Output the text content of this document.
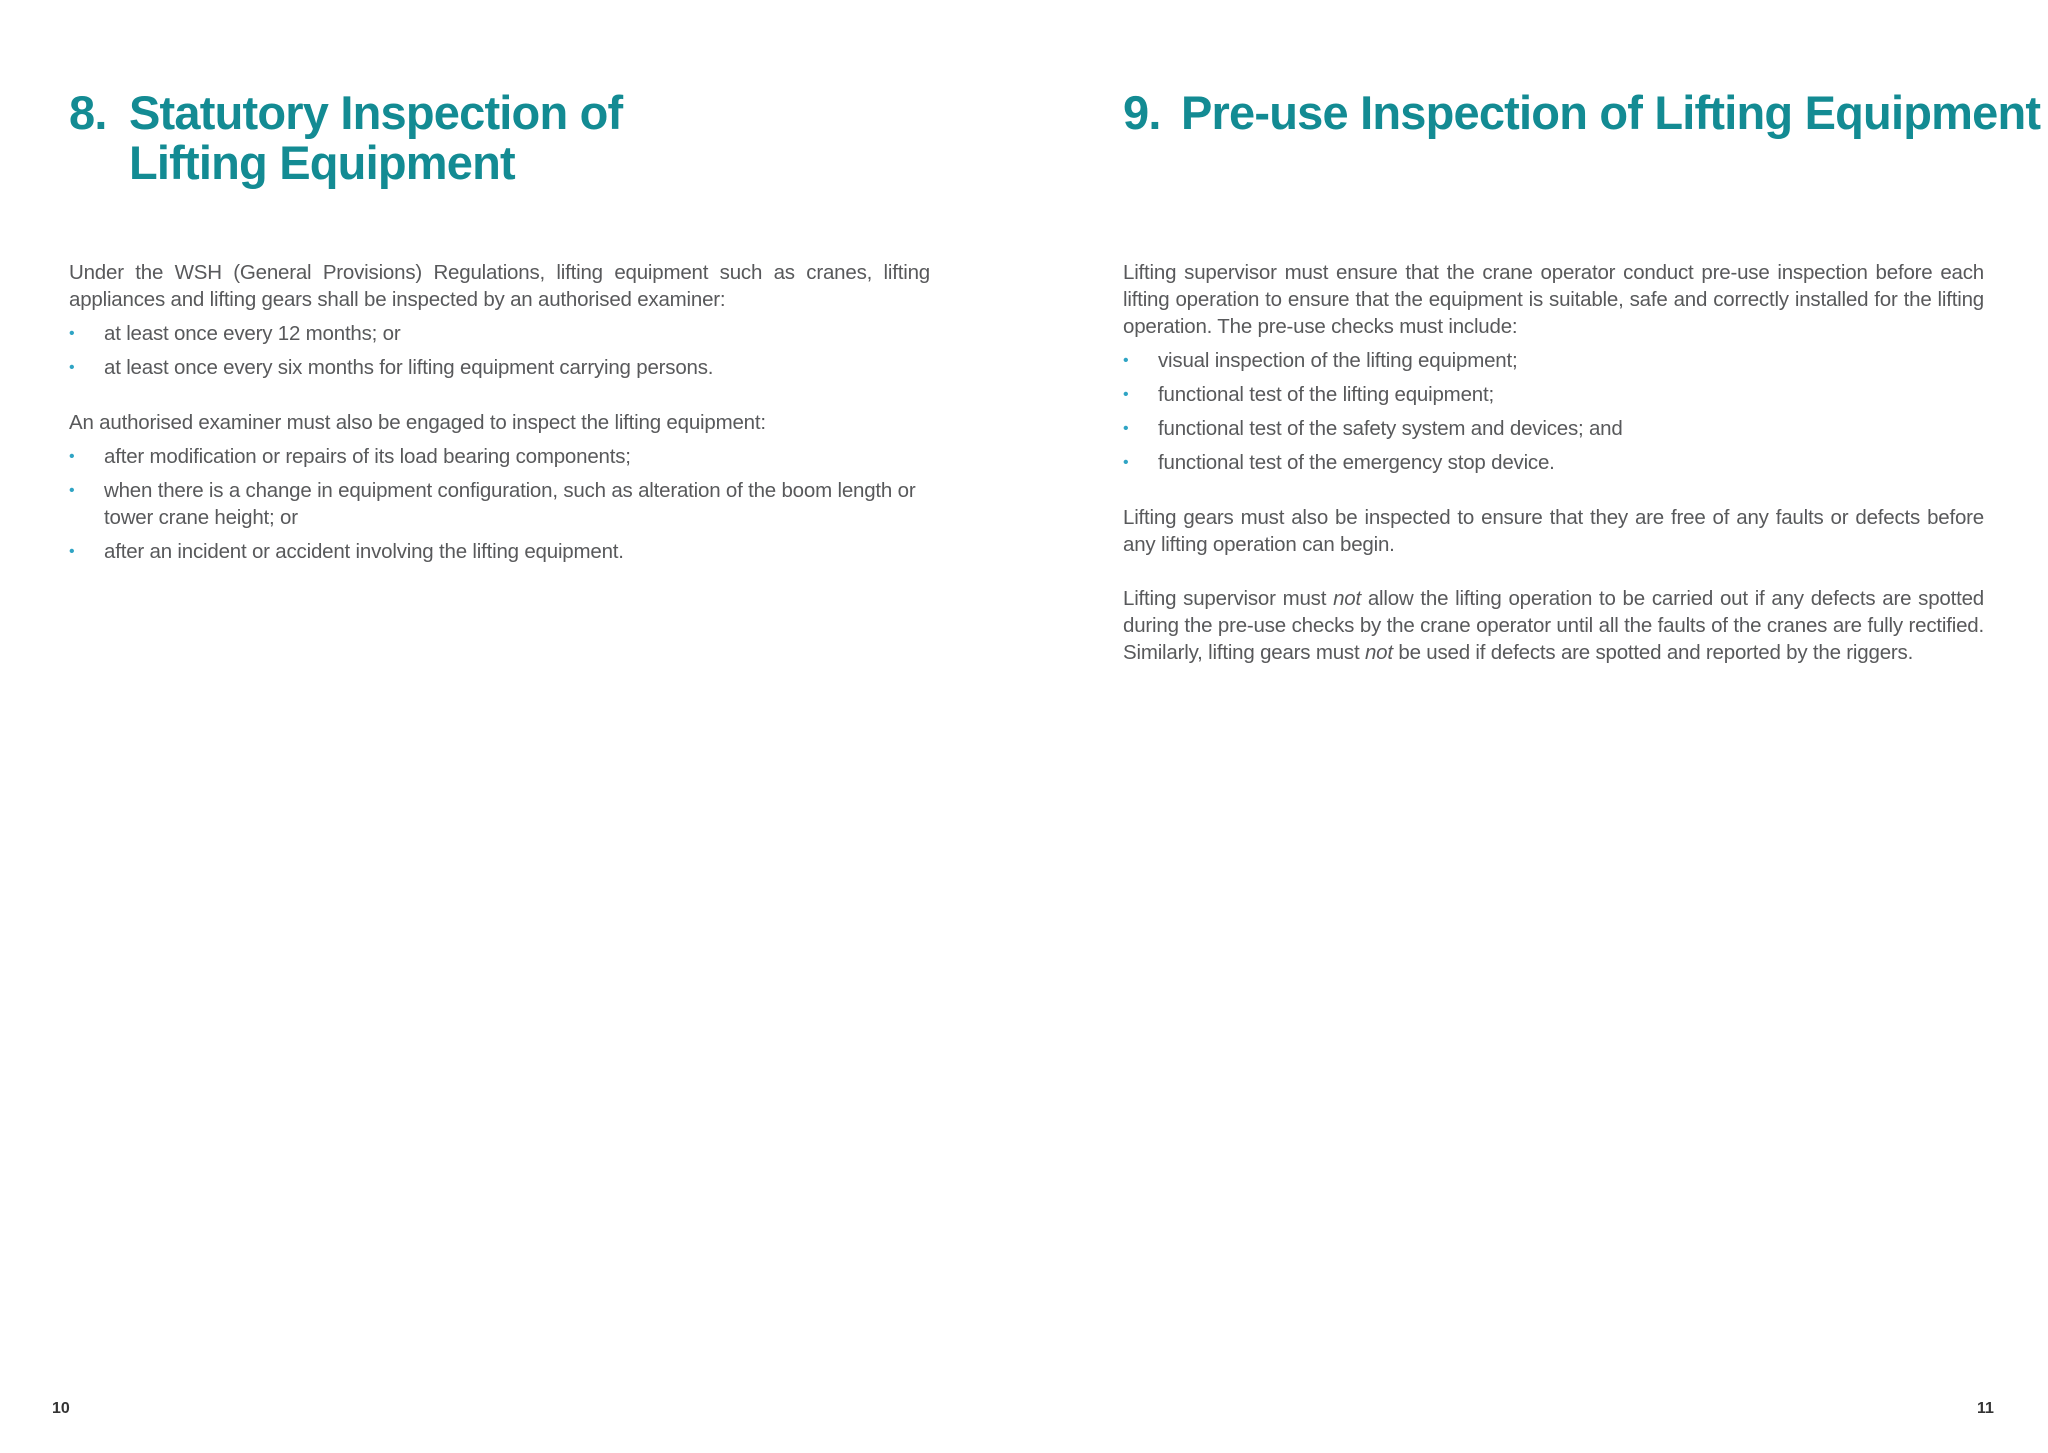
8. Statutory Inspection of
Lifting Equipment

Under the WSH (General Provisions) Regulations, lifting equipment such as cranes, lifting appliances and lifting gears shall be inspected by an authorised examiner:

• at least once every 12 months; or
• at least once every six months for lifting equipment carrying persons.

An authorised examiner must also be engaged to inspect the lifting equipment:

• after modification or repairs of its load bearing components;
• when there is a change in equipment configuration, such as alteration of the boom length or tower crane height; or
• after an incident or accident involving the lifting equipment.
10
9. Pre-use Inspection of Lifting Equipment

Lifting supervisor must ensure that the crane operator conduct pre-use inspection before each lifting operation to ensure that the equipment is suitable, safe and correctly installed for the lifting operation. The pre-use checks must include:

• visual inspection of the lifting equipment;
• functional test of the lifting equipment;
• functional test of the safety system and devices; and
• functional test of the emergency stop device.

Lifting gears must also be inspected to ensure that they are free of any faults or defects before any lifting operation can begin.

Lifting supervisor must not allow the lifting operation to be carried out if any defects are spotted during the pre-use checks by the crane operator until all the faults of the cranes are fully rectified. Similarly, lifting gears must not be used if defects are spotted and reported by the riggers.

11
